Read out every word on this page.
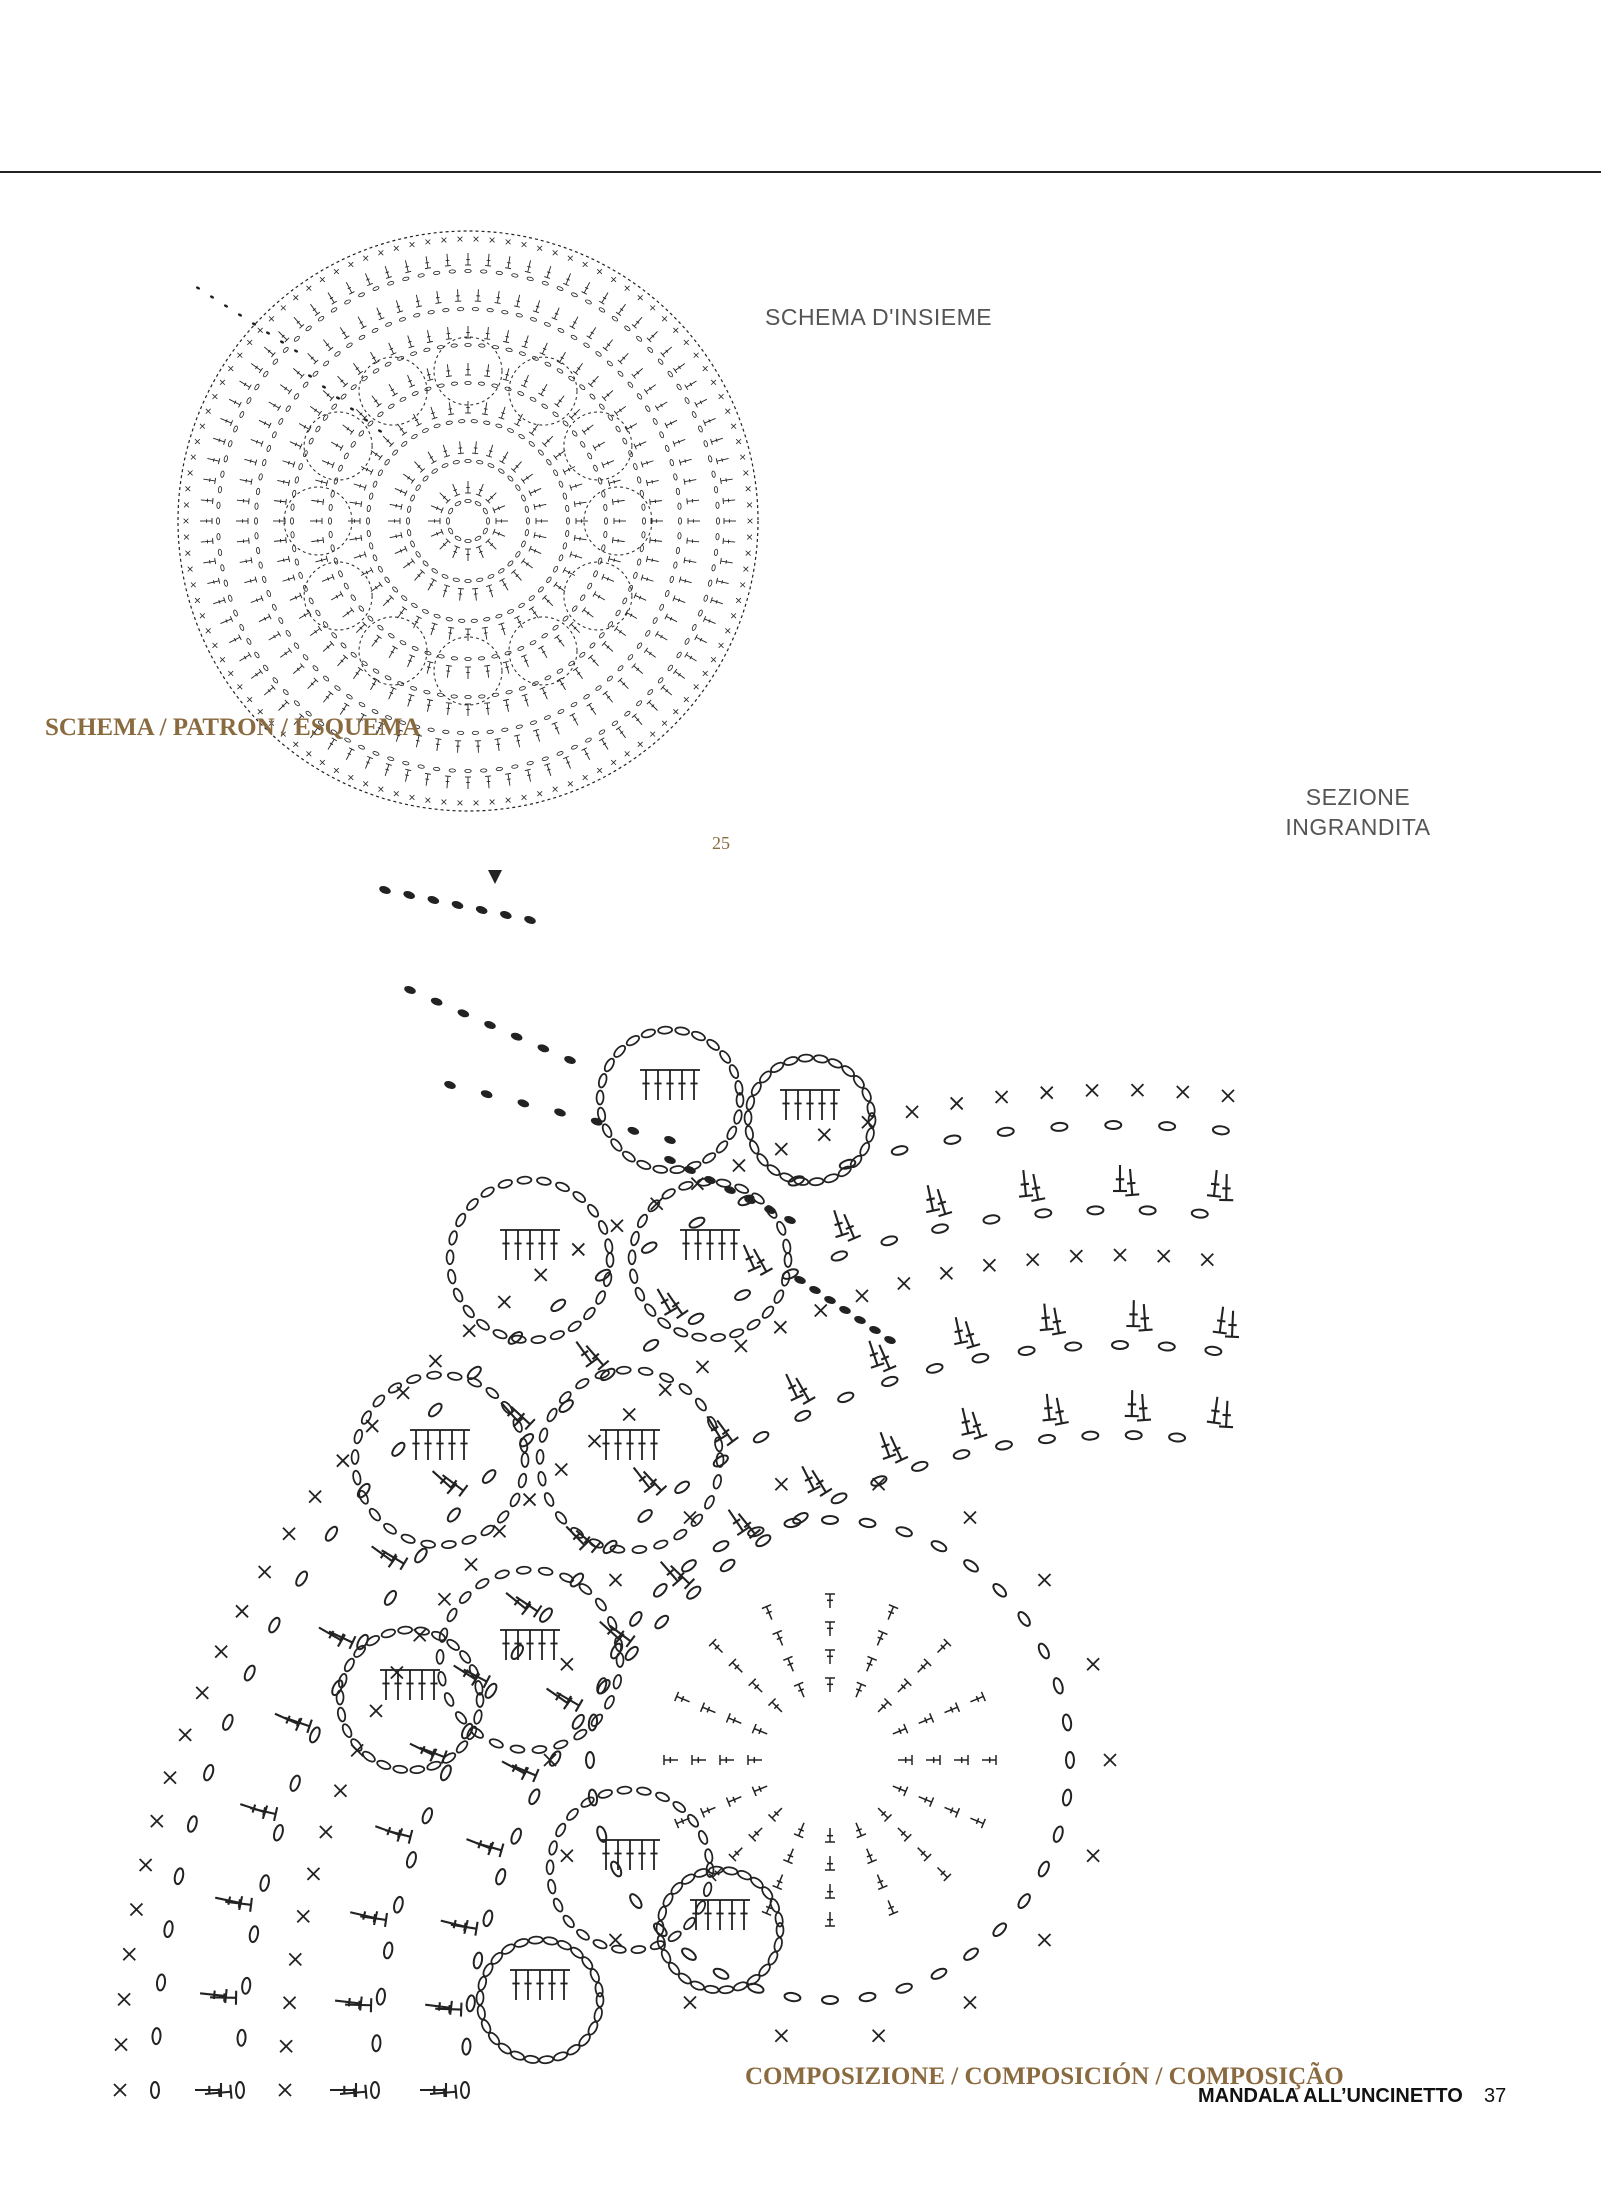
SCHEMA D'INSIEME
SEZIONE
INGRANDITA
SCHEMA / PATRON / ESQUEMA
25
COMPOSIZIONE / COMPOSICIÓN / COMPOSIÇÃO
MANDALA ALL’UNCINETTO 37
